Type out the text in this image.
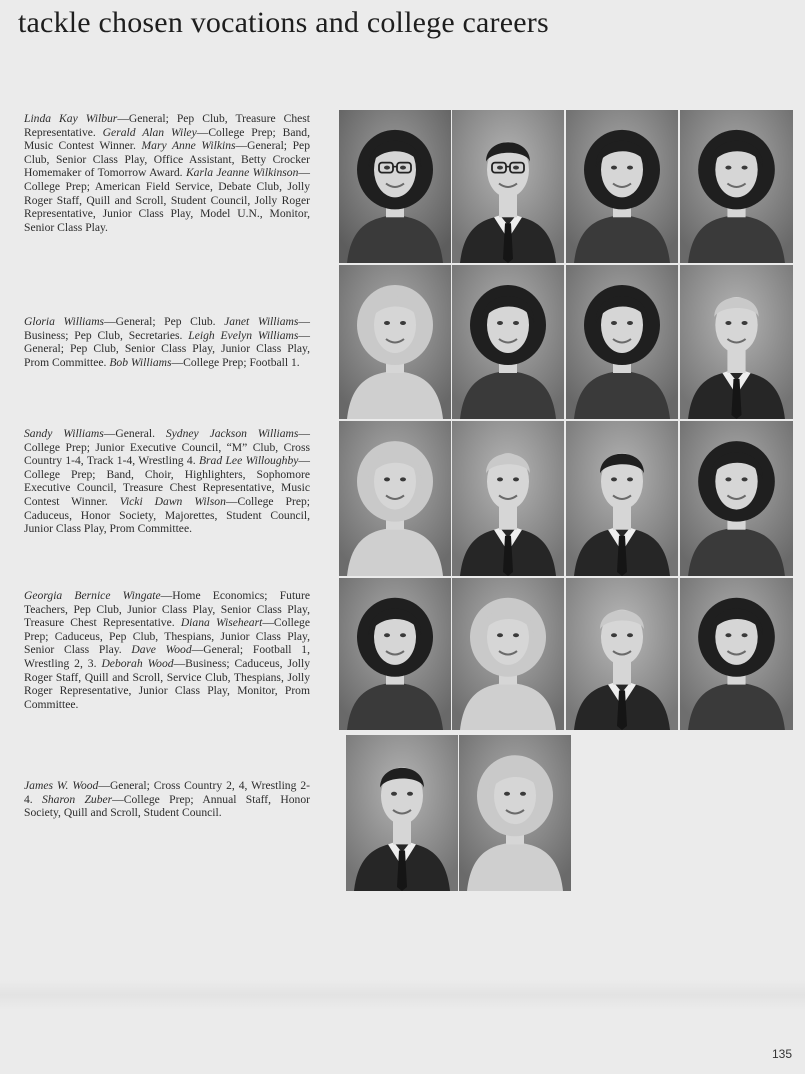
tackle chosen vocations and college careers

Linda Kay Wilbur—General; Pep Club, Treasure Chest Representative. Gerald Alan Wiley—College Prep; Band, Music Contest Winner. Mary Anne Wilkins—General; Pep Club, Senior Class Play, Office Assistant, Betty Crocker Homemaker of Tomorrow Award. Karla Jeanne Wilkinson—College Prep; American Field Service, Debate Club, Jolly Roger Staff, Quill and Scroll, Student Council, Jolly Roger Representative, Junior Class Play, Model U.N., Monitor, Senior Class Play.

Gloria Williams—General; Pep Club. Janet Williams—Business; Pep Club, Secretaries. Leigh Evelyn Williams—General; Pep Club, Senior Class Play, Junior Class Play, Prom Committee. Bob Williams—College Prep; Football 1.

Sandy Williams—General. Sydney Jackson Williams—College Prep; Junior Executive Council, “M” Club, Cross Country 1-4, Track 1-4, Wrestling 4. Brad Lee Willoughby—College Prep; Band, Choir, Highlighters, Sophomore Executive Council, Treasure Chest Representative, Music Contest Winner. Vicki Dawn Wilson—College Prep; Caduceus, Honor Society, Majorettes, Student Council, Junior Class Play, Prom Committee.

Georgia Bernice Wingate—Home Economics; Future Teachers, Pep Club, Junior Class Play, Senior Class Play, Treasure Chest Representative. Diana Wiseheart—College Prep; Caduceus, Pep Club, Thespians, Junior Class Play, Senior Class Play. Dave Wood—General; Football 1, Wrestling 2, 3. Deborah Wood—Business; Caduceus, Jolly Roger Staff, Quill and Scroll, Service Club, Thespians, Jolly Roger Representative, Junior Class Play, Monitor, Prom Committee.

James W. Wood—General; Cross Country 2, 4, Wrestling 2-4. Sharon Zuber—College Prep; Annual Staff, Honor Society, Quill and Scroll, Student Council.

135
